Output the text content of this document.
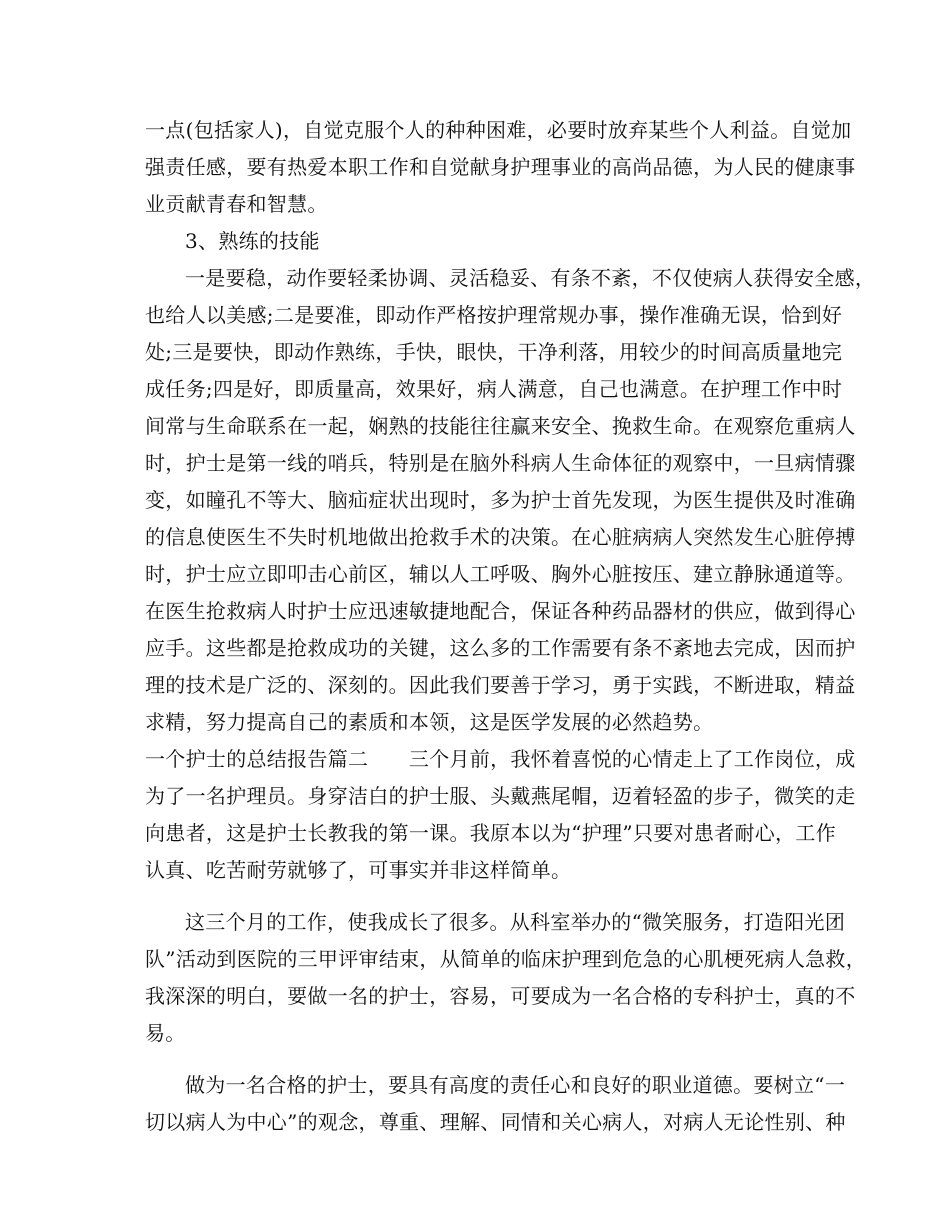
一点(包括家人)，自觉克服个人的种种困难，必要时放弃某些个人利益。自觉加
强责任感，要有热爱本职工作和自觉献身护理事业的高尚品德，为人民的健康事
业贡献青春和智慧。
3、熟练的技能
一是要稳，动作要轻柔协调、灵活稳妥、有条不紊，不仅使病人获得安全感，
也给人以美感;二是要准，即动作严格按护理常规办事，操作准确无误，恰到好
处;三是要快，即动作熟练，手快，眼快，干净利落，用较少的时间高质量地完
成任务;四是好，即质量高，效果好，病人满意，自己也满意。在护理工作中时
间常与生命联系在一起，娴熟的技能往往赢来安全、挽救生命。在观察危重病人
时，护士是第一线的哨兵，特别是在脑外科病人生命体征的观察中，一旦病情骤
变，如瞳孔不等大、脑疝症状出现时，多为护士首先发现，为医生提供及时准确
的信息使医生不失时机地做出抢救手术的决策。在心脏病病人突然发生心脏停搏
时，护士应立即叩击心前区，辅以人工呼吸、胸外心脏按压、建立静脉通道等。
在医生抢救病人时护士应迅速敏捷地配合，保证各种药品器材的供应，做到得心
应手。这些都是抢救成功的关键，这么多的工作需要有条不紊地去完成，因而护
理的技术是广泛的、深刻的。因此我们要善于学习，勇于实践，不断进取，精益
求精，努力提高自己的素质和本领，这是医学发展的必然趋势。
一个护士的总结报告篇二　　三个月前，我怀着喜悦的心情走上了工作岗位，成
为了一名护理员。身穿洁白的护士服、头戴燕尾帽，迈着轻盈的步子，微笑的走
向患者，这是护士长教我的第一课。我原本以为“护理”只要对患者耐心，工作
认真、吃苦耐劳就够了，可事实并非这样简单。
这三个月的工作，使我成长了很多。从科室举办的“微笑服务，打造阳光团
队”活动到医院的三甲评审结束，从简单的临床护理到危急的心肌梗死病人急救，
我深深的明白，要做一名的护士，容易，可要成为一名合格的专科护士，真的不
易。
做为一名合格的护士，要具有高度的责任心和良好的职业道德。要树立“一
切以病人为中心”的观念，尊重、理解、同情和关心病人，对病人无论性别、种
